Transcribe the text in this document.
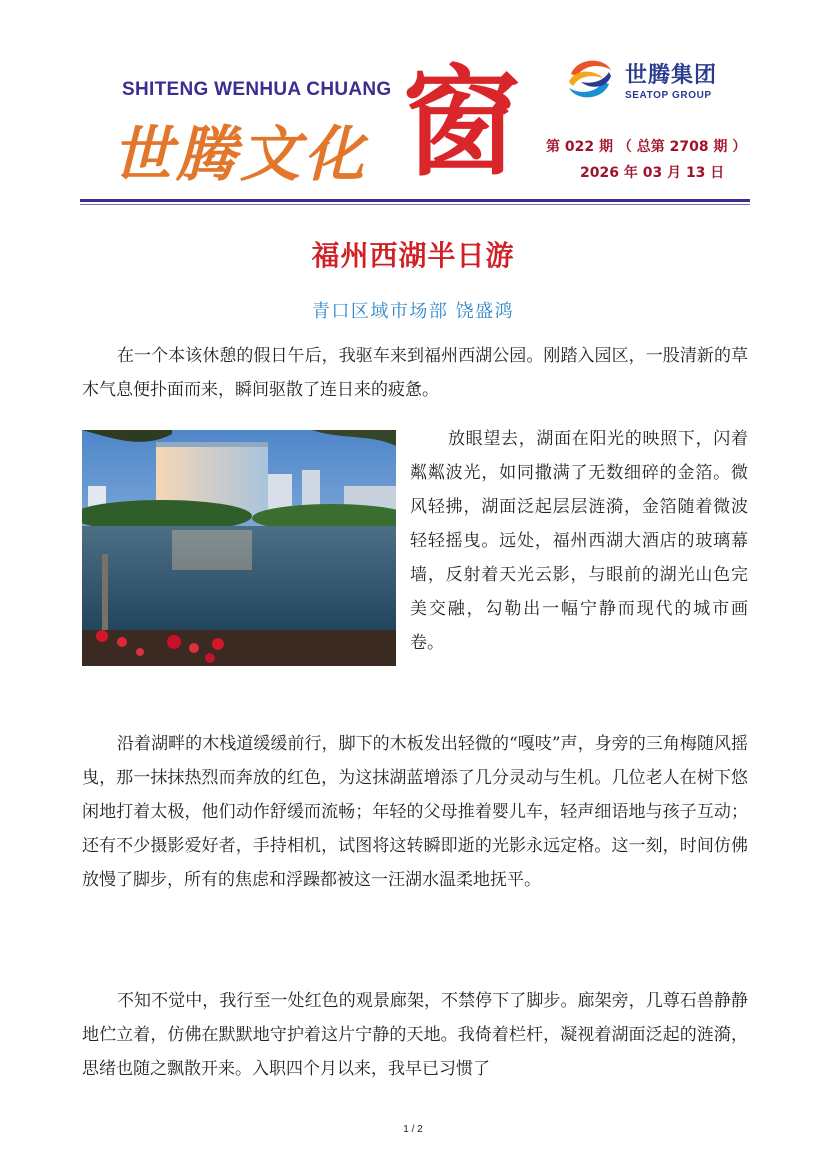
SHITENG WENHUA CHUANG
世腾文化 窗	世腾集团
SEATOP GROUP
第 022 期 （ 总第 2708 期 ）
2026 年 03 月 13 日
福州西湖半日游
青口区域市场部 饶盛鸿

在一个本该休憩的假日午后，我驱车来到福州西湖公园。刚踏入园区，一股清新的草木气息便扑面而来，瞬间驱散了连日来的疲惫。

放眼望去，湖面在阳光的映照下，闪着粼粼波光，如同撒满了无数细碎的金箔。微风轻拂，湖面泛起层层涟漪，金箔随着微波轻轻摇曳。远处，福州西湖大酒店的玻璃幕墙，反射着天光云影，与眼前的湖光山色完美交融，勾勒出一幅宁静而现代的城市画卷。

沿着湖畔的木栈道缓缓前行，脚下的木板发出轻微的“嘎吱”声，身旁的三角梅随风摇曳，那一抹抹热烈而奔放的红色，为这抹湖蓝增添了几分灵动与生机。几位老人在树下悠闲地打着太极，他们动作舒缓而流畅；年轻的父母推着婴儿车，轻声细语地与孩子互动；还有不少摄影爱好者，手持相机，试图将这转瞬即逝的光影永远定格。这一刻，时间仿佛放慢了脚步，所有的焦虑和浮躁都被这一汪湖水温柔地抚平。

不知不觉中，我行至一处红色的观景廊架，不禁停下了脚步。廊架旁，几尊石兽静静地伫立着，仿佛在默默地守护着这片宁静的天地。我倚着栏杆，凝视着湖面泛起的涟漪，思绪也随之飘散开来。入职四个月以来，我早已习惯了

1 / 2
